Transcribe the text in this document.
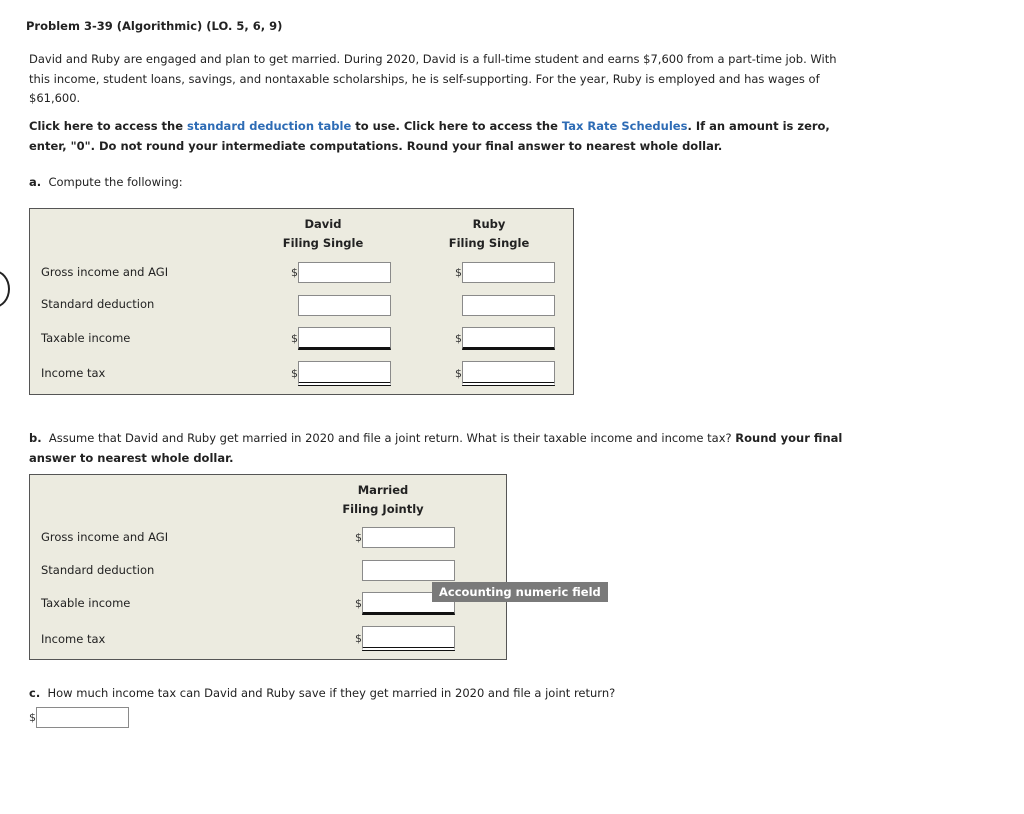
Problem 3-39 (Algorithmic) (LO. 5, 6, 9)
David and Ruby are engaged and plan to get married. During 2020, David is a full-time student and earns $7,600 from a part-time job. With this income, student loans, savings, and nontaxable scholarships, he is self-supporting. For the year, Ruby is employed and has wages of $61,600.
Click here to access the standard deduction table to use. Click here to access the Tax Rate Schedules. If an amount is zero, enter, "0". Do not round your intermediate computations. Round your final answer to nearest whole dollar.
a. Compute the following:
David
Filing Single
Ruby
Filing Single
Gross income and AGI
Standard deduction
Taxable income
Income tax
$
$
$
$
$
$
b. Assume that David and Ruby get married in 2020 and file a joint return. What is their taxable income and income tax? Round your final answer to nearest whole dollar.
Married
Filing Jointly
Gross income and AGI
Standard deduction
Taxable income
Income tax
$
$
$
Accounting numeric field
c. How much income tax can David and Ruby save if they get married in 2020 and file a joint return?
$
